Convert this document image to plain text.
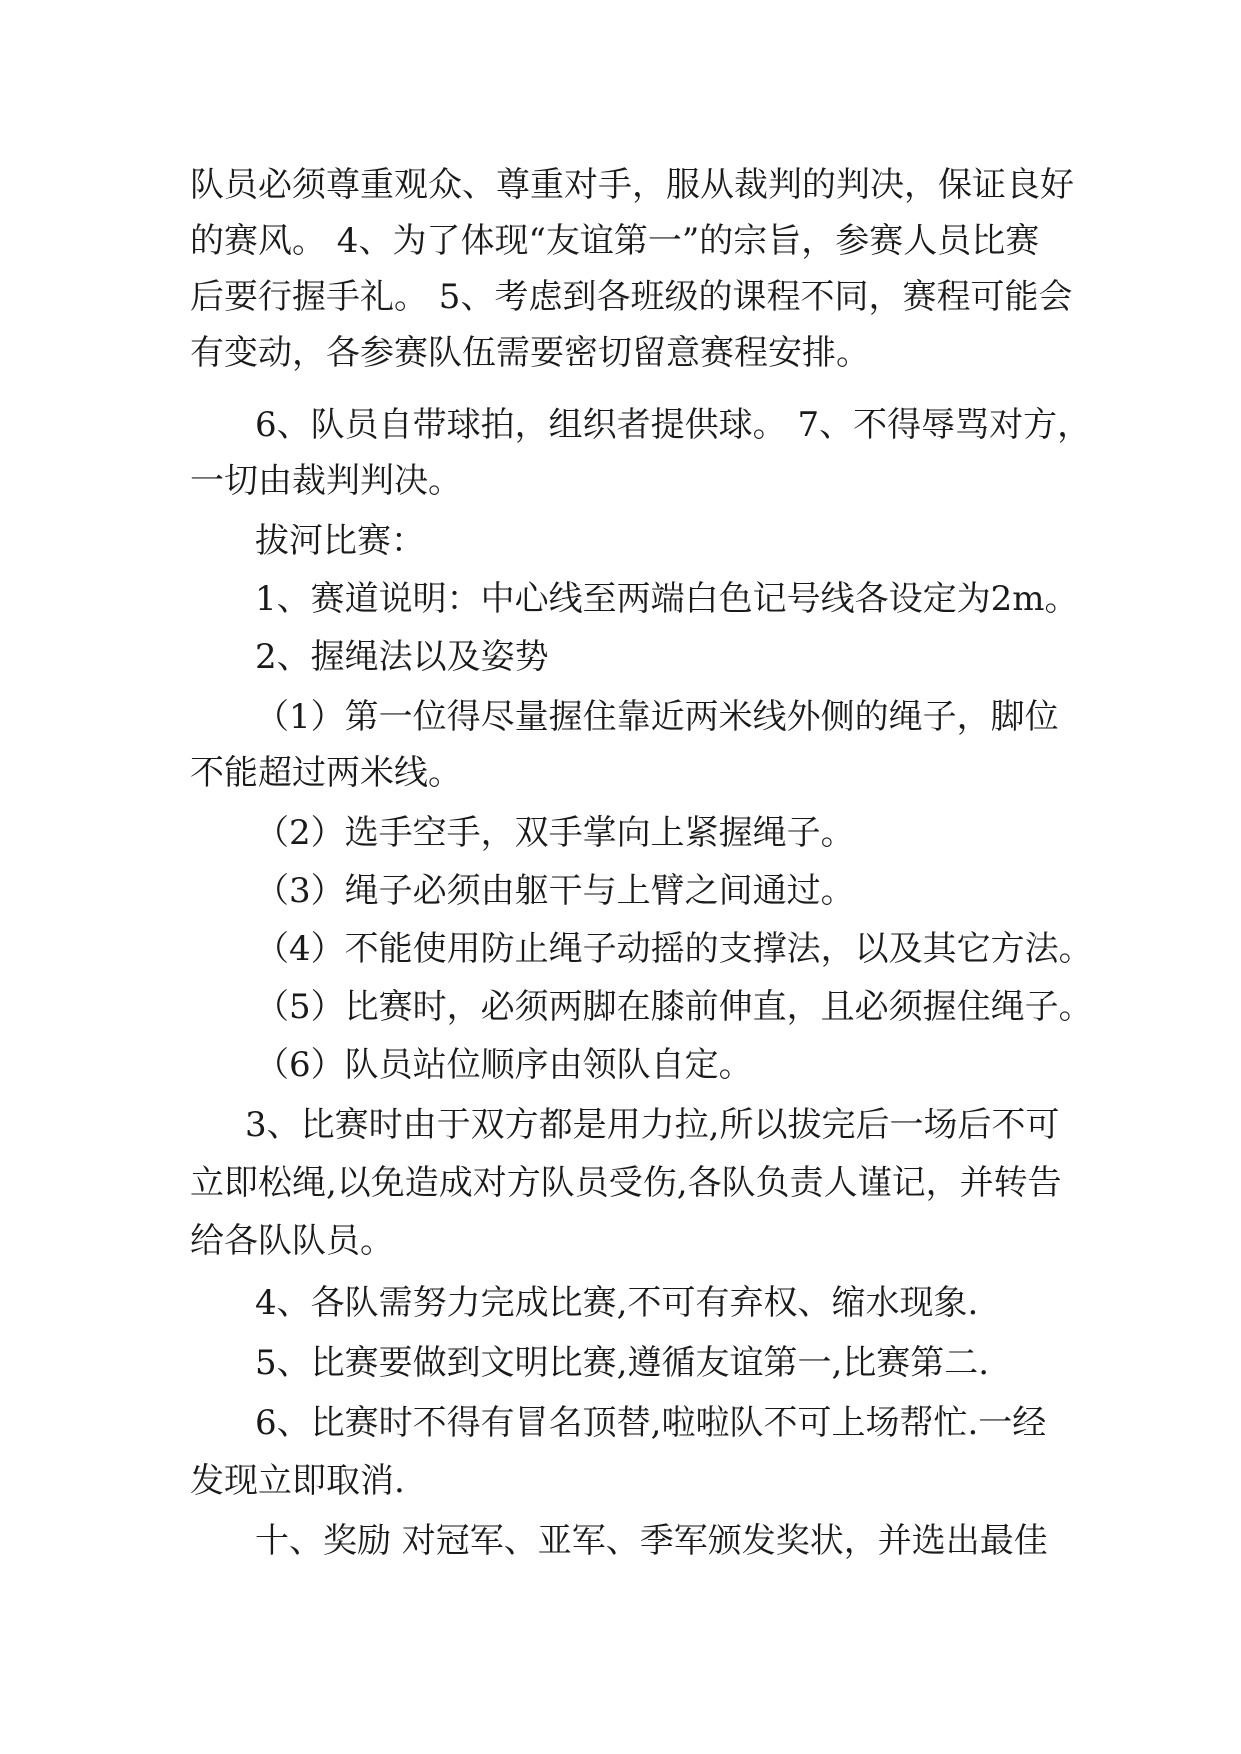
队员必须尊重观众、尊重对手，服从裁判的判决，保证良好
的赛风。 4、为了体现“友谊第一”的宗旨，参赛人员比赛
后要行握手礼。 5、考虑到各班级的课程不同，赛程可能会
有变动，各参赛队伍需要密切留意赛程安排。
6、队员自带球拍，组织者提供球。 7、不得辱骂对方，
一切由裁判判决。
拔河比赛：
1、赛道说明：中心线至两端白色记号线各设定为2m。
2、握绳法以及姿势
（1）第一位得尽量握住靠近两米线外侧的绳子，脚位
不能超过两米线。
（2）选手空手，双手掌向上紧握绳子。
（3）绳子必须由躯干与上臂之间通过。
（4）不能使用防止绳子动摇的支撑法，以及其它方法。
（5）比赛时，必须两脚在膝前伸直，且必须握住绳子。
（6）队员站位顺序由领队自定。
3、比赛时由于双方都是用力拉,所以拔完后一场后不可
立即松绳,以免造成对方队员受伤,各队负责人谨记，并转告
给各队队员。
4、各队需努力完成比赛,不可有弃权、缩水现象.
5、比赛要做到文明比赛,遵循友谊第一,比赛第二.
6、比赛时不得有冒名顶替,啦啦队不可上场帮忙.一经
发现立即取消.
十、奖励 对冠军、亚军、季军颁发奖状，并选出最佳
